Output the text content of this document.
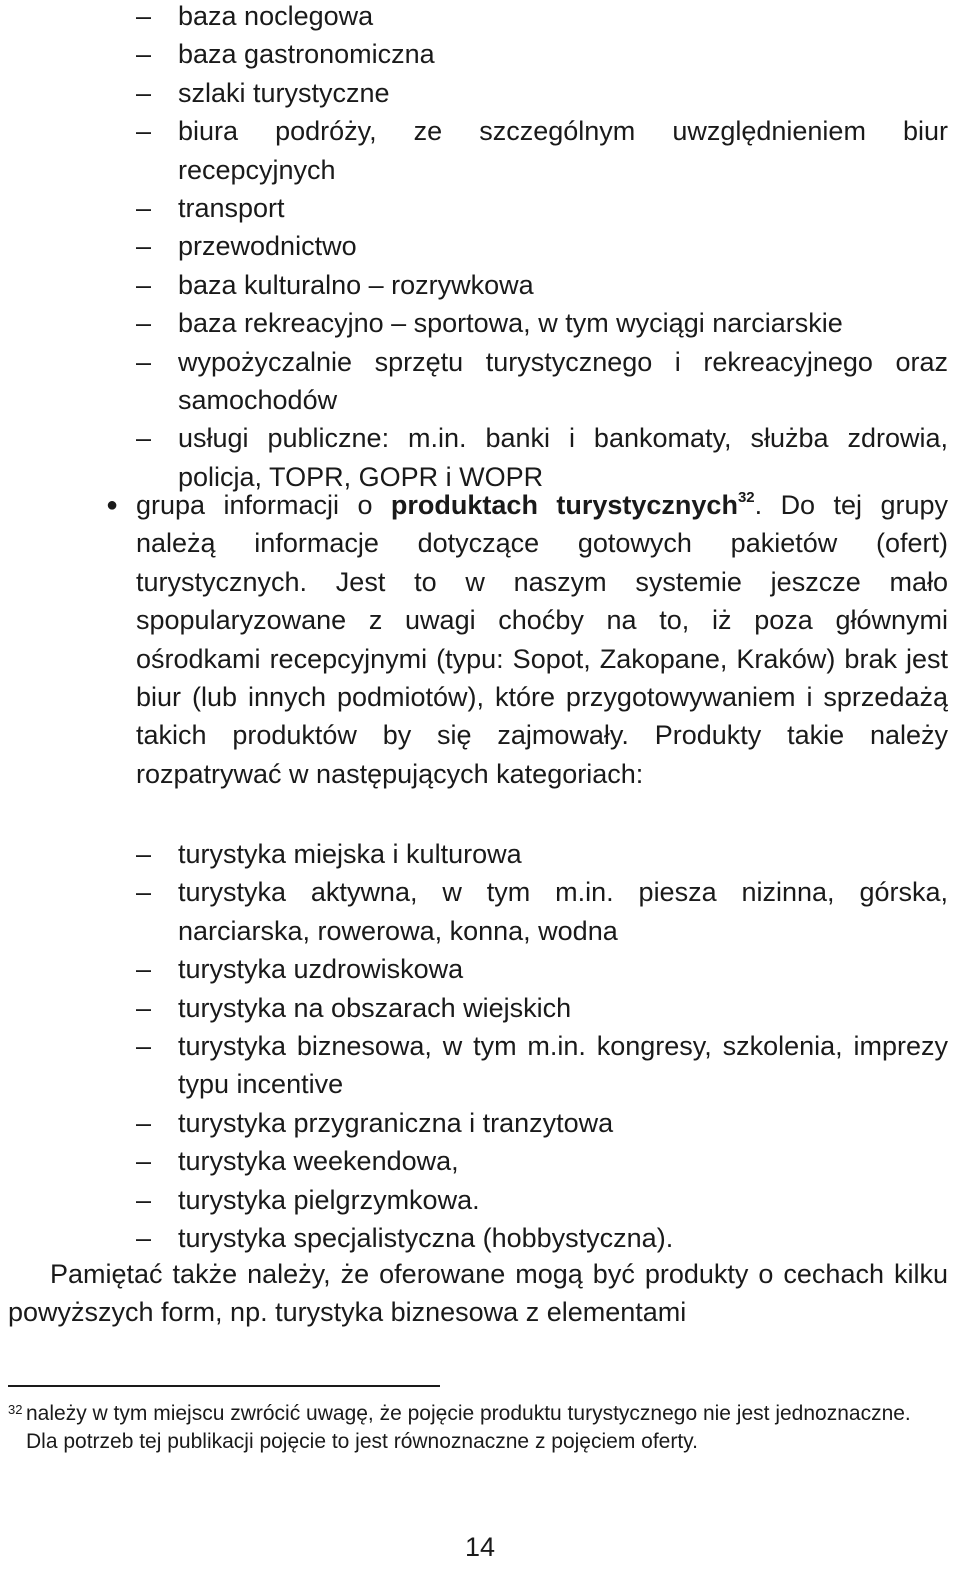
– baza noclegowa
– baza gastronomiczna
– szlaki turystyczne
– biura podróży, ze szczególnym uwzględnieniem biur recepcyjnych
– transport
– przewodnictwo
– baza kulturalno – rozrywkowa
– baza rekreacyjno – sportowa, w tym wyciągi narciarskie
– wypożyczalnie sprzętu turystycznego i rekreacyjnego oraz samochodów
– usługi publiczne: m.in. banki i bankomaty, służba zdrowia, policja, TOPR, GOPR i WOPR
● grupa informacji o produktach turystycznych$^{32}$. Do tej grupy należą informacje dotyczące gotowych pakietów (ofert) turystycznych. Jest to w naszym systemie jeszcze mało spopularyzowane z uwagi choćby na to, iż poza głównymi ośrodkami recepcyjnymi (typu: Sopot, Zakopane, Kraków) brak jest biur (lub innych podmiotów), które przygotowywaniem i sprzedażą takich produktów by się zajmowały. Produkty takie należy rozpatrywać w następujących kategoriach:
– turystyka miejska i kulturowa
– turystyka aktywna, w tym m.in. piesza nizinna, górska, narciarska, rowerowa, konna, wodna
– turystyka uzdrowiskowa
– turystyka na obszarach wiejskich
– turystyka biznesowa, w tym m.in. kongresy, szkolenia, imprezy typu incentive
– turystyka przygraniczna i tranzytowa
– turystyka weekendowa,
– turystyka pielgrzymkowa.
– turystyka specjalistyczna (hobbystyczna).

Pamiętać także należy, że oferowane mogą być produkty o cechach kilku powyższych form, np. turystyka biznesowa z elementami

32 należy w tym miejscu zwrócić uwagę, że pojęcie produktu turystycznego nie jest jednoznaczne. Dla potrzeb tej publikacji pojęcie to jest równoznaczne z pojęciem oferty.

14
